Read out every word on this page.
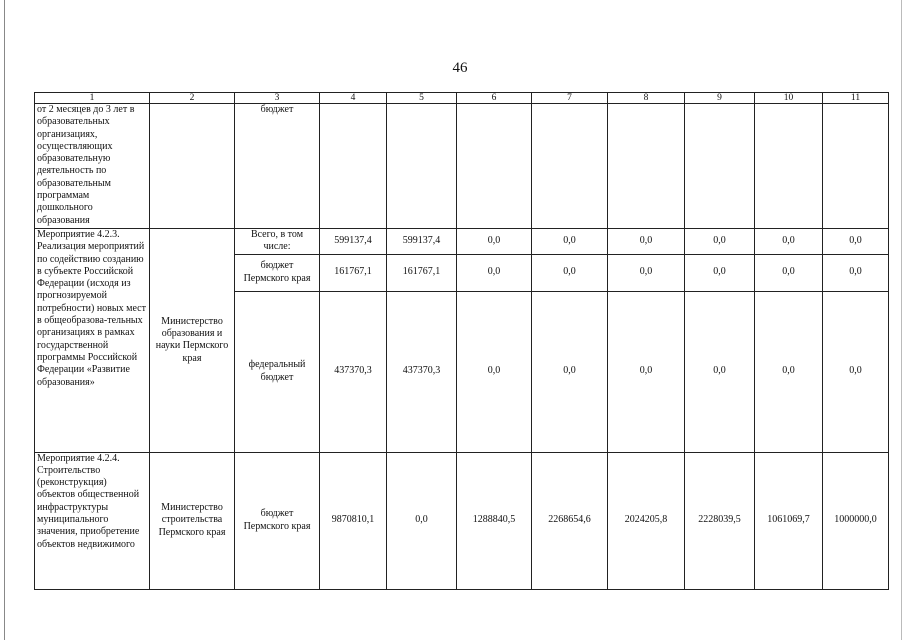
46
1	2	3	4	5	6	7	8	9	10	11
от 2 месяцев до 3 лет в образовательных организациях, осуществляющих образовательную деятельность по образовательным программам дошкольного образования		бюджет								
Мероприятие 4.2.3. Реализация мероприятий по содействию созданию в субъекте Российской Федерации (исходя из прогнозируемой потребности) новых мест в общеобразова-тельных организациях в рамках государственной программы Российской Федерации «Развитие образования»	Министерство образования и науки Пермского края	Всего, в том числе:	599137,4	599137,4	0,0	0,0	0,0	0,0	0,0	0,0
		бюджет Пермского края	161767,1	161767,1	0,0	0,0	0,0	0,0	0,0	0,0
		федеральный бюджет	437370,3	437370,3	0,0	0,0	0,0	0,0	0,0	0,0
Мероприятие 4.2.4. Строительство (реконструкция) объектов общественной инфраструктуры муниципального значения, приобретение объектов недвижимого	Министерство строительства Пермского края	бюджет Пермского края	9870810,1	0,0	1288840,5	2268654,6	2024205,8	2228039,5	1061069,7	1000000,0
